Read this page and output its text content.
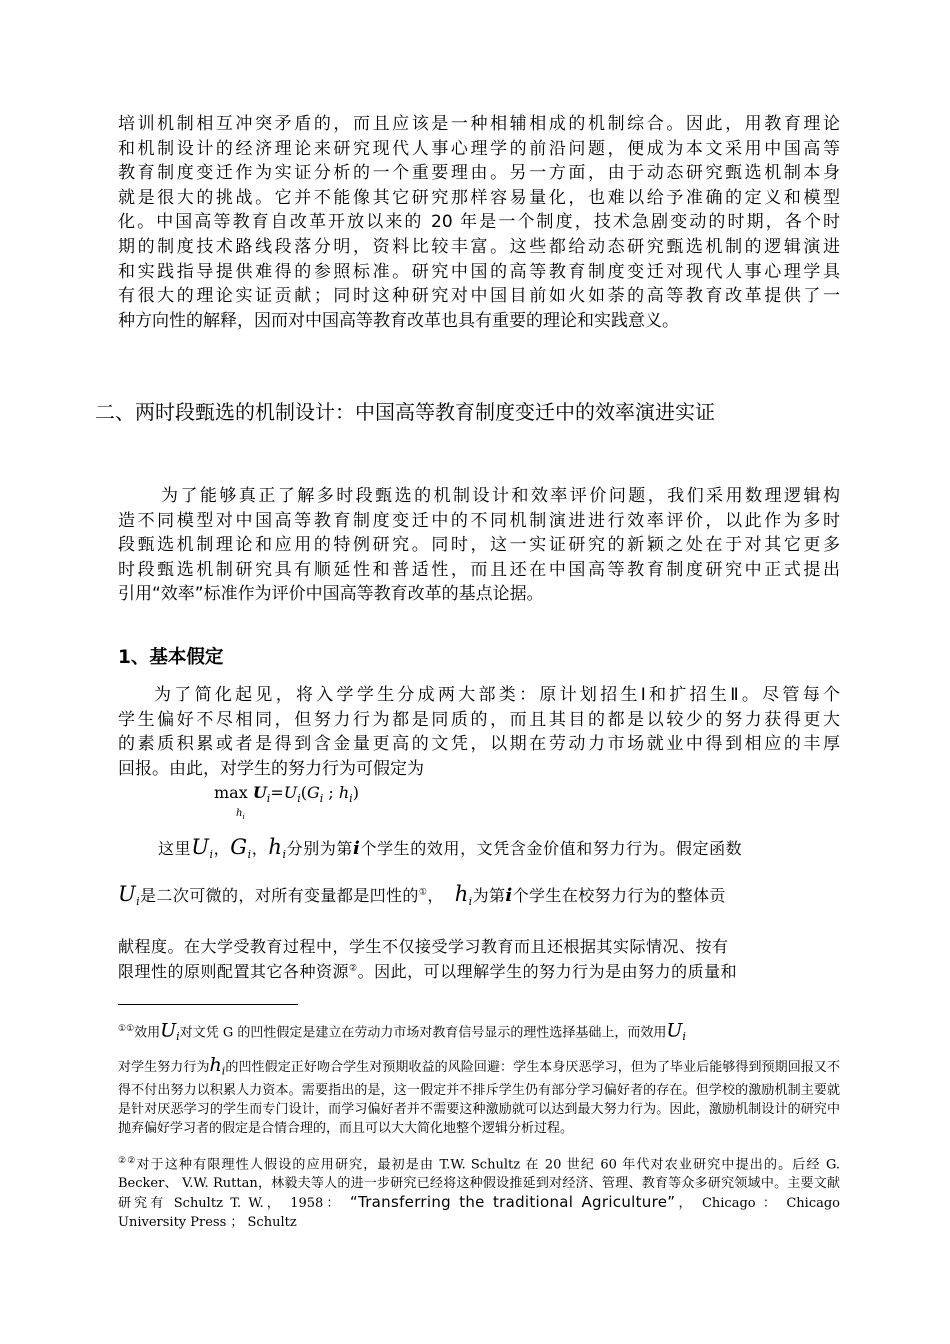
培训机制相互冲突矛盾的，而且应该是一种相辅相成的机制综合。因此，用教育理论

和机制设计的经济理论来研究现代人事心理学的前沿问题，便成为本文采用中国高等

教育制度变迁作为实证分析的一个重要理由。另一方面，由于动态研究甄选机制本身

就是很大的挑战。它并不能像其它研究那样容易量化，也难以给予准确的定义和模型

化。中国高等教育自改革开放以来的 20 年是一个制度，技术急剧变动的时期，各个时

期的制度技术路线段落分明，资料比较丰富。这些都给动态研究甄选机制的逻辑演进

和实践指导提供难得的参照标准。研究中国的高等教育制度变迁对现代人事心理学具

有很大的理论实证贡献；同时这种研究对中国目前如火如荼的高等教育改革提供了一

种方向性的解释，因而对中国高等教育改革也具有重要的理论和实践意义。

二、两时段甄选的机制设计：中国高等教育制度变迁中的效率演进实证

为了能够真正了解多时段甄选的机制设计和效率评价问题，我们采用数理逻辑构

造不同模型对中国高等教育制度变迁中的不同机制演进进行效率评价，以此作为多时

段甄选机制理论和应用的特例研究。同时，这一实证研究的新颖之处在于对其它更多

时段甄选机制研究具有顺延性和普适性，而且还在中国高等教育制度研究中正式提出

引用“效率”标准作为评价中国高等教育改革的基点论据。

1、基本假定

为了简化起见，将入学学生分成两大部类：原计划招生Ⅰ和扩招生Ⅱ。尽管每个

学生偏好不尽相同，但努力行为都是同质的，而且其目的都是以较少的努力获得更大

的素质积累或者是得到含金量更高的文凭，以期在劳动力市场就业中得到相应的丰厚

回报。由此，对学生的努力行为可假定为

$\max U_i=U_i(G_i$ ; $h_i$)
$h_i$
这里$U_i$，$G_i$，$h_i$分别为第i个学生的效用，文凭含金价值和努力行为。假定函数
$U_i$是二次可微的，对所有变量都是凹性的①， $h_i$为第i个学生在校努力行为的整体贡
献程度。在大学受教育过程中，学生不仅接受学习教育而且还根据其实际情况、按有
限理性的原则配置其它各种资源②。因此，可以理解学生的努力行为是由努力的质量和
①①效用$U_i$对文凭 G 的凹性假定是建立在劳动力市场对教育信号显示的理性选择基础上，而效用$U_i$
对学生努力行为$h_i$的凹性假定正好吻合学生对预期收益的风险回避：学生本身厌恶学习，但为了毕业后能够得到预期回报又不得不付出努力以积累人力资本。需要指出的是，这一假定并不排斥学生仍有部分学习偏好者的存在。但学校的激励机制主要就是针对厌恶学习的学生而专门设计，而学习偏好者并不需要这种激励就可以达到最大努力行为。因此，激励机制设计的研究中抛弃偏好学习者的假定是合情合理的，而且可以大大简化地整个逻辑分析过程。
②②对于这种有限理性人假设的应用研究，最初是由 T.W. Schultz 在 20 世纪 60 年代对农业研究中提出的。后经 G. Becker、 V.W. Ruttan，林毅夫等人的进一步研究已经将这种假设推延到对经济、管理、教育等众多研究领域中。主要文献研究有 Schultz T. W.， 1958： “Transferring the traditional Agriculture”， Chicago ： Chicago University Press ； Schultz
